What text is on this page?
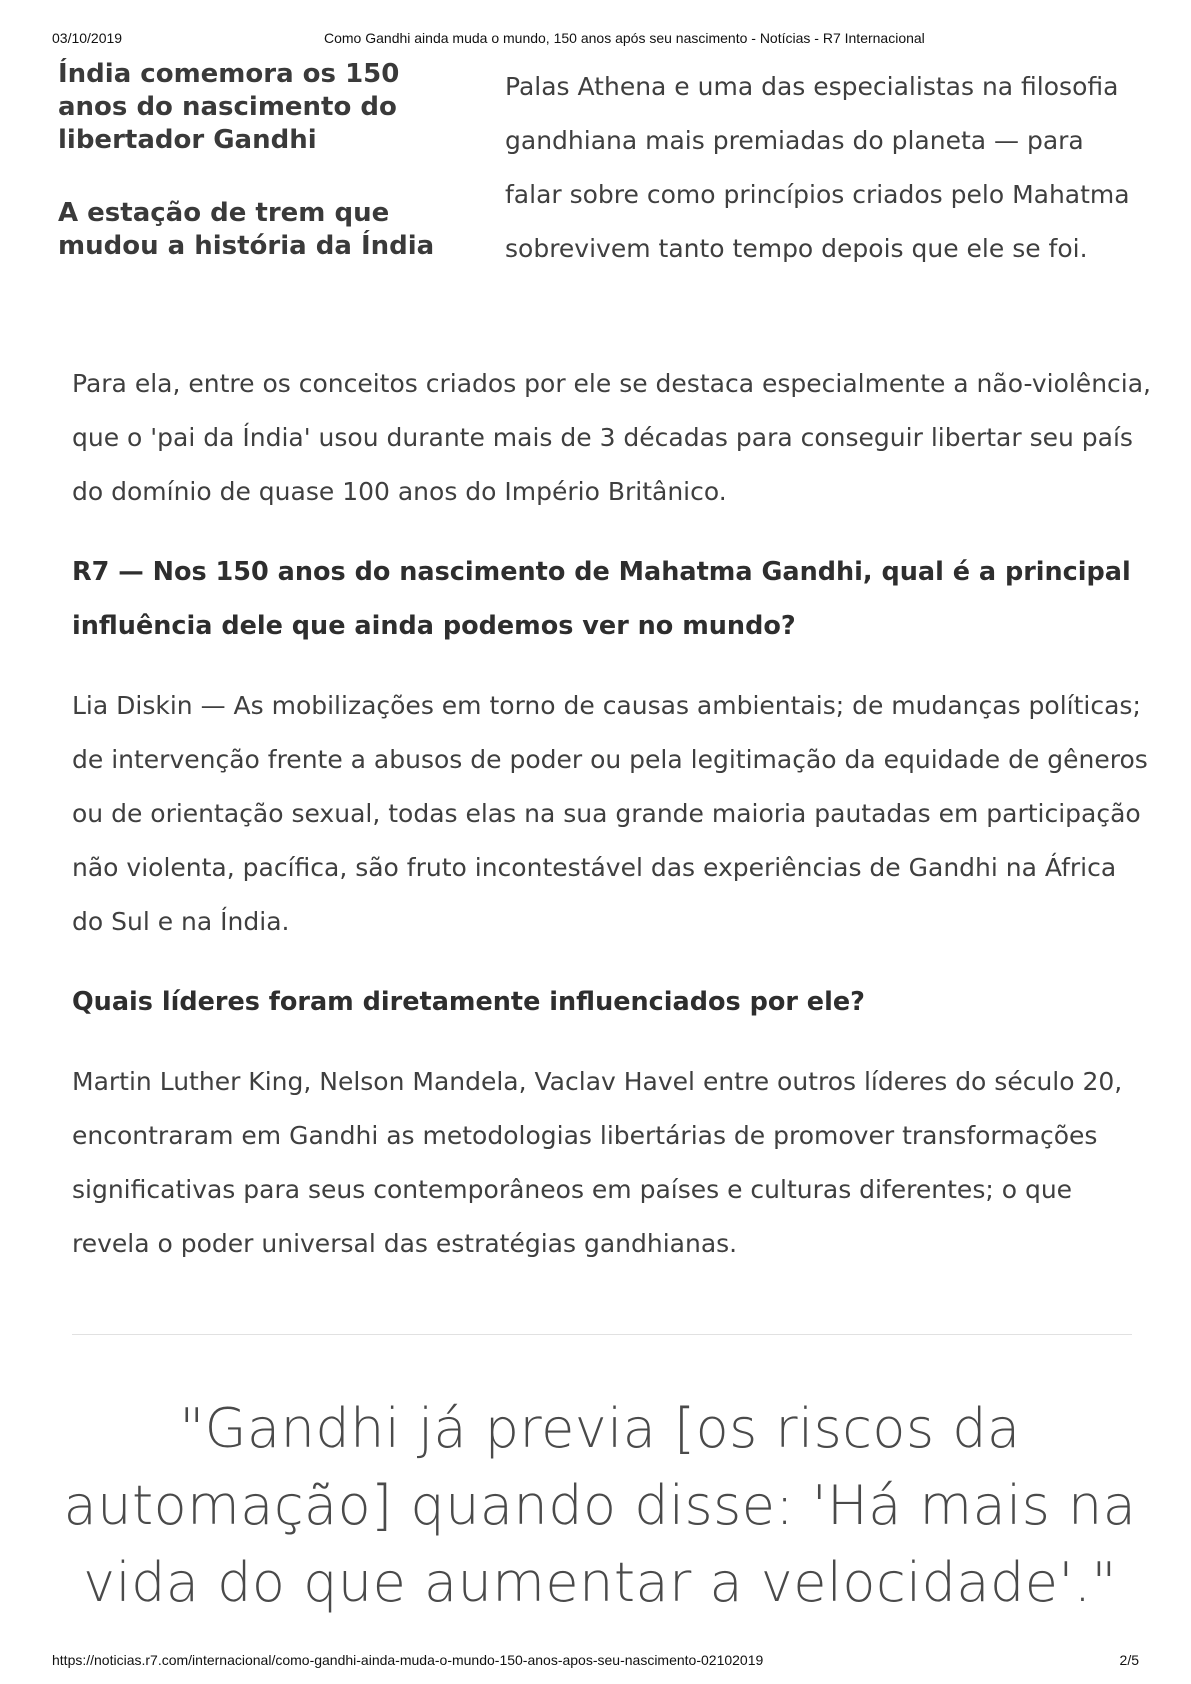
03/10/2019	Como Gandhi ainda muda o mundo, 150 anos após seu nascimento - Notícias - R7 Internacional
Índia comemora os 150 anos do nascimento do libertador Gandhi
A estação de trem que mudou a história da Índia

Palas Athena e uma das especialistas na filosofia gandhiana mais premiadas do planeta — para falar sobre como princípios criados pelo Mahatma sobrevivem tanto tempo depois que ele se foi.

Para ela, entre os conceitos criados por ele se destaca especialmente a não-violência, que o 'pai da Índia' usou durante mais de 3 décadas para conseguir libertar seu país do domínio de quase 100 anos do Império Britânico.

R7 — Nos 150 anos do nascimento de Mahatma Gandhi, qual é a principal influência dele que ainda podemos ver no mundo?

Lia Diskin — As mobilizações em torno de causas ambientais; de mudanças políticas; de intervenção frente a abusos de poder ou pela legitimação da equidade de gêneros ou de orientação sexual, todas elas na sua grande maioria pautadas em participação não violenta, pacífica, são fruto incontestável das experiências de Gandhi na África do Sul e na Índia.

Quais líderes foram diretamente influenciados por ele?

Martin Luther King, Nelson Mandela, Vaclav Havel entre outros líderes do século 20, encontraram em Gandhi as metodologias libertárias de promover transformações significativas para seus contemporâneos em países e culturas diferentes; o que revela o poder universal das estratégias gandhianas.

"Gandhi já previa [os riscos da automação] quando disse: 'Há mais na vida do que aumentar a velocidade'."
https://noticias.r7.com/internacional/como-gandhi-ainda-muda-o-mundo-150-anos-apos-seu-nascimento-02102019	2/5
